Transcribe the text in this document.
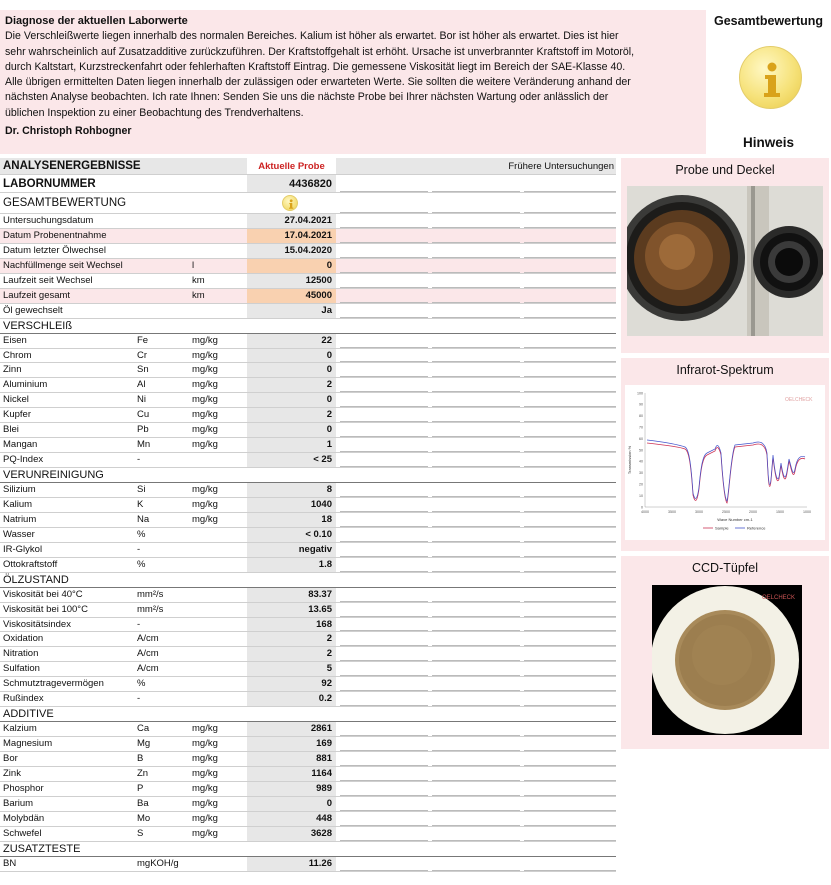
Diagnose der aktuellen Laborwerte
Die Verschleißwerte liegen innerhalb des normalen Bereiches. Kalium ist höher als erwartet. Bor ist höher als erwartet. Dies ist hier
sehr wahrscheinlich auf Zusatzadditive zurückzuführen. Der Kraftstoffgehalt ist erhöht. Ursache ist unverbrannter Kraftstoff im Motoröl,
durch Kaltstart, Kurzstreckenfahrt oder fehlerhaften Kraftstoff Eintrag. Die gemessene Viskosität liegt im Bereich der SAE-Klasse 40.
Alle übrigen ermittelten Daten liegen innerhalb der zulässigen oder erwarteten Werte. Sie sollten die weitere Veränderung anhand der
nächsten Analyse beobachten. Ich rate Ihnen: Senden Sie uns die nächste Probe bei Ihrer nächsten Wartung oder anlässlich der
üblichen Inspektion zu einer Beobachtung des Trendverhaltens.
Dr. Christoph Rohbogner
Gesamtbewertung
Hinweis
ANALYSENERGEBNISSE	Aktuelle Probe	Frühere Untersuchungen
LABORNUMMER	4436820
GESAMTBEWERTUNG
Untersuchungsdatum	27.04.2021
Datum Probenentnahme	17.04.2021
Datum letzter Ölwechsel	15.04.2020
Nachfüllmenge seit Wechsel	l	0
Laufzeit seit Wechsel	km	12500
Laufzeit gesamt	km	45000
Öl gewechselt	Ja
VERSCHLEIß
Eisen	Fe	mg/kg	22
Chrom	Cr	mg/kg	0
Zinn	Sn	mg/kg	0
Aluminium	Al	mg/kg	2
Nickel	Ni	mg/kg	0
Kupfer	Cu	mg/kg	2
Blei	Pb	mg/kg	0
Mangan	Mn	mg/kg	1
PQ-Index	-	< 25
VERUNREINIGUNG
Silizium	Si	mg/kg	8
Kalium	K	mg/kg	1040
Natrium	Na	mg/kg	18
Wasser	%	< 0.10
IR-Glykol	-	negativ
Ottokraftstoff	%	1.8
ÖLZUSTAND
Viskosität bei 40°C	mm²/s	83.37
Viskosität bei 100°C	mm²/s	13.65
Viskositätsindex	-	168
Oxidation	A/cm	2
Nitration	A/cm	2
Sulfation	A/cm	5
Schmutztragevermögen	%	92
Rußindex	-	0.2
ADDITIVE
Kalzium	Ca	mg/kg	2861
Magnesium	Mg	mg/kg	169
Bor	B	mg/kg	881
Zink	Zn	mg/kg	1164
Phosphor	P	mg/kg	989
Barium	Ba	mg/kg	0
Molybdän	Mo	mg/kg	448
Schwefel	S	mg/kg	3628
ZUSATZTESTE
BN	mgKOH/g	11.26
Probe und Deckel
Infrarot-Spektrum
100
90
80
70
60
50
40
30
20
10
0
4000	3500	3000	2500	2000	1500	1000
OELCHECK
Wave Number cm-1
Transmission %
Sample	Reference
CCD-Tüpfel
OELCHECK
